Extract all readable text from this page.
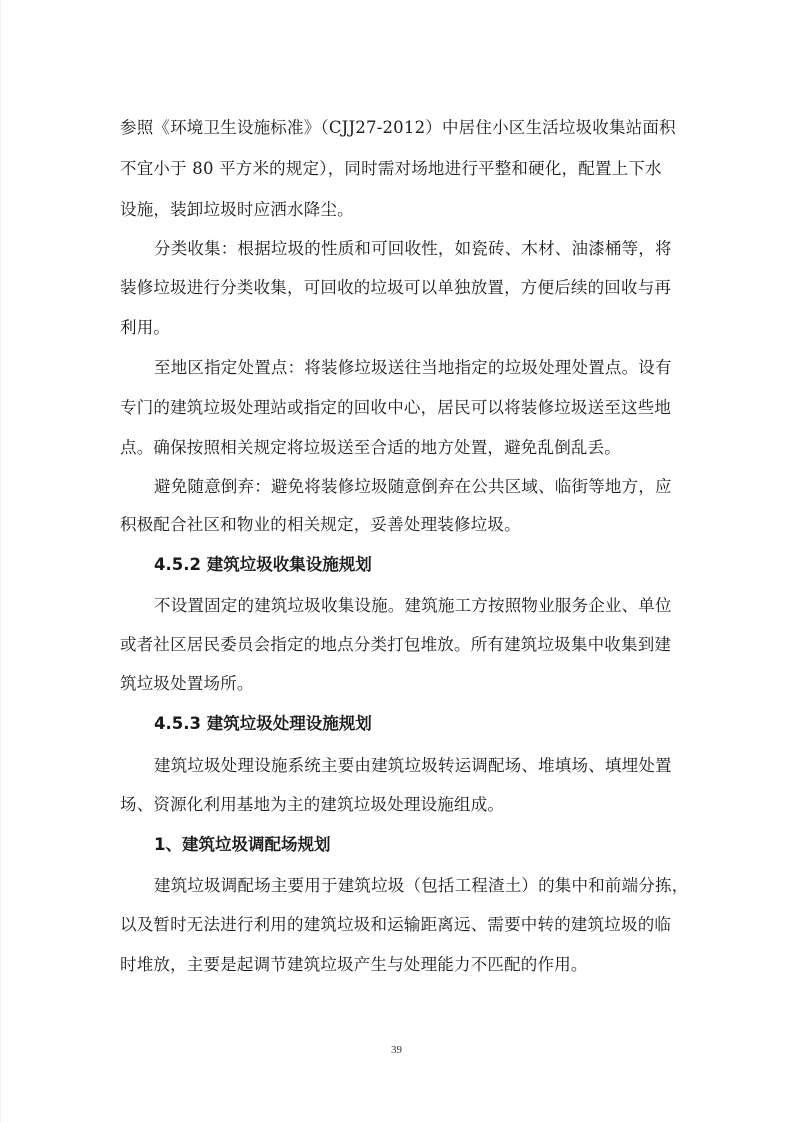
参照《环境卫生设施标准》（CJJ27-2012）中居住小区生活垃圾收集站面积
不宜小于 80 平方米的规定），同时需对场地进行平整和硬化，配置上下水
设施，装卸垃圾时应洒水降尘。
分类收集：根据垃圾的性质和可回收性，如瓷砖、木材、油漆桶等，将
装修垃圾进行分类收集，可回收的垃圾可以单独放置，方便后续的回收与再
利用。
至地区指定处置点：将装修垃圾送往当地指定的垃圾处理处置点。设有
专门的建筑垃圾处理站或指定的回收中心，居民可以将装修垃圾送至这些地
点。确保按照相关规定将垃圾送至合适的地方处置，避免乱倒乱丢。
避免随意倒弃：避免将装修垃圾随意倒弃在公共区域、临街等地方，应
积极配合社区和物业的相关规定，妥善处理装修垃圾。
4.5.2 建筑垃圾收集设施规划
不设置固定的建筑垃圾收集设施。建筑施工方按照物业服务企业、单位
或者社区居民委员会指定的地点分类打包堆放。所有建筑垃圾集中收集到建
筑垃圾处置场所。
4.5.3 建筑垃圾处理设施规划
建筑垃圾处理设施系统主要由建筑垃圾转运调配场、堆填场、填埋处置
场、资源化利用基地为主的建筑垃圾处理设施组成。
1、建筑垃圾调配场规划
建筑垃圾调配场主要用于建筑垃圾（包括工程渣土）的集中和前端分拣，
以及暂时无法进行利用的建筑垃圾和运输距离远、需要中转的建筑垃圾的临
时堆放，主要是起调节建筑垃圾产生与处理能力不匹配的作用。
39
